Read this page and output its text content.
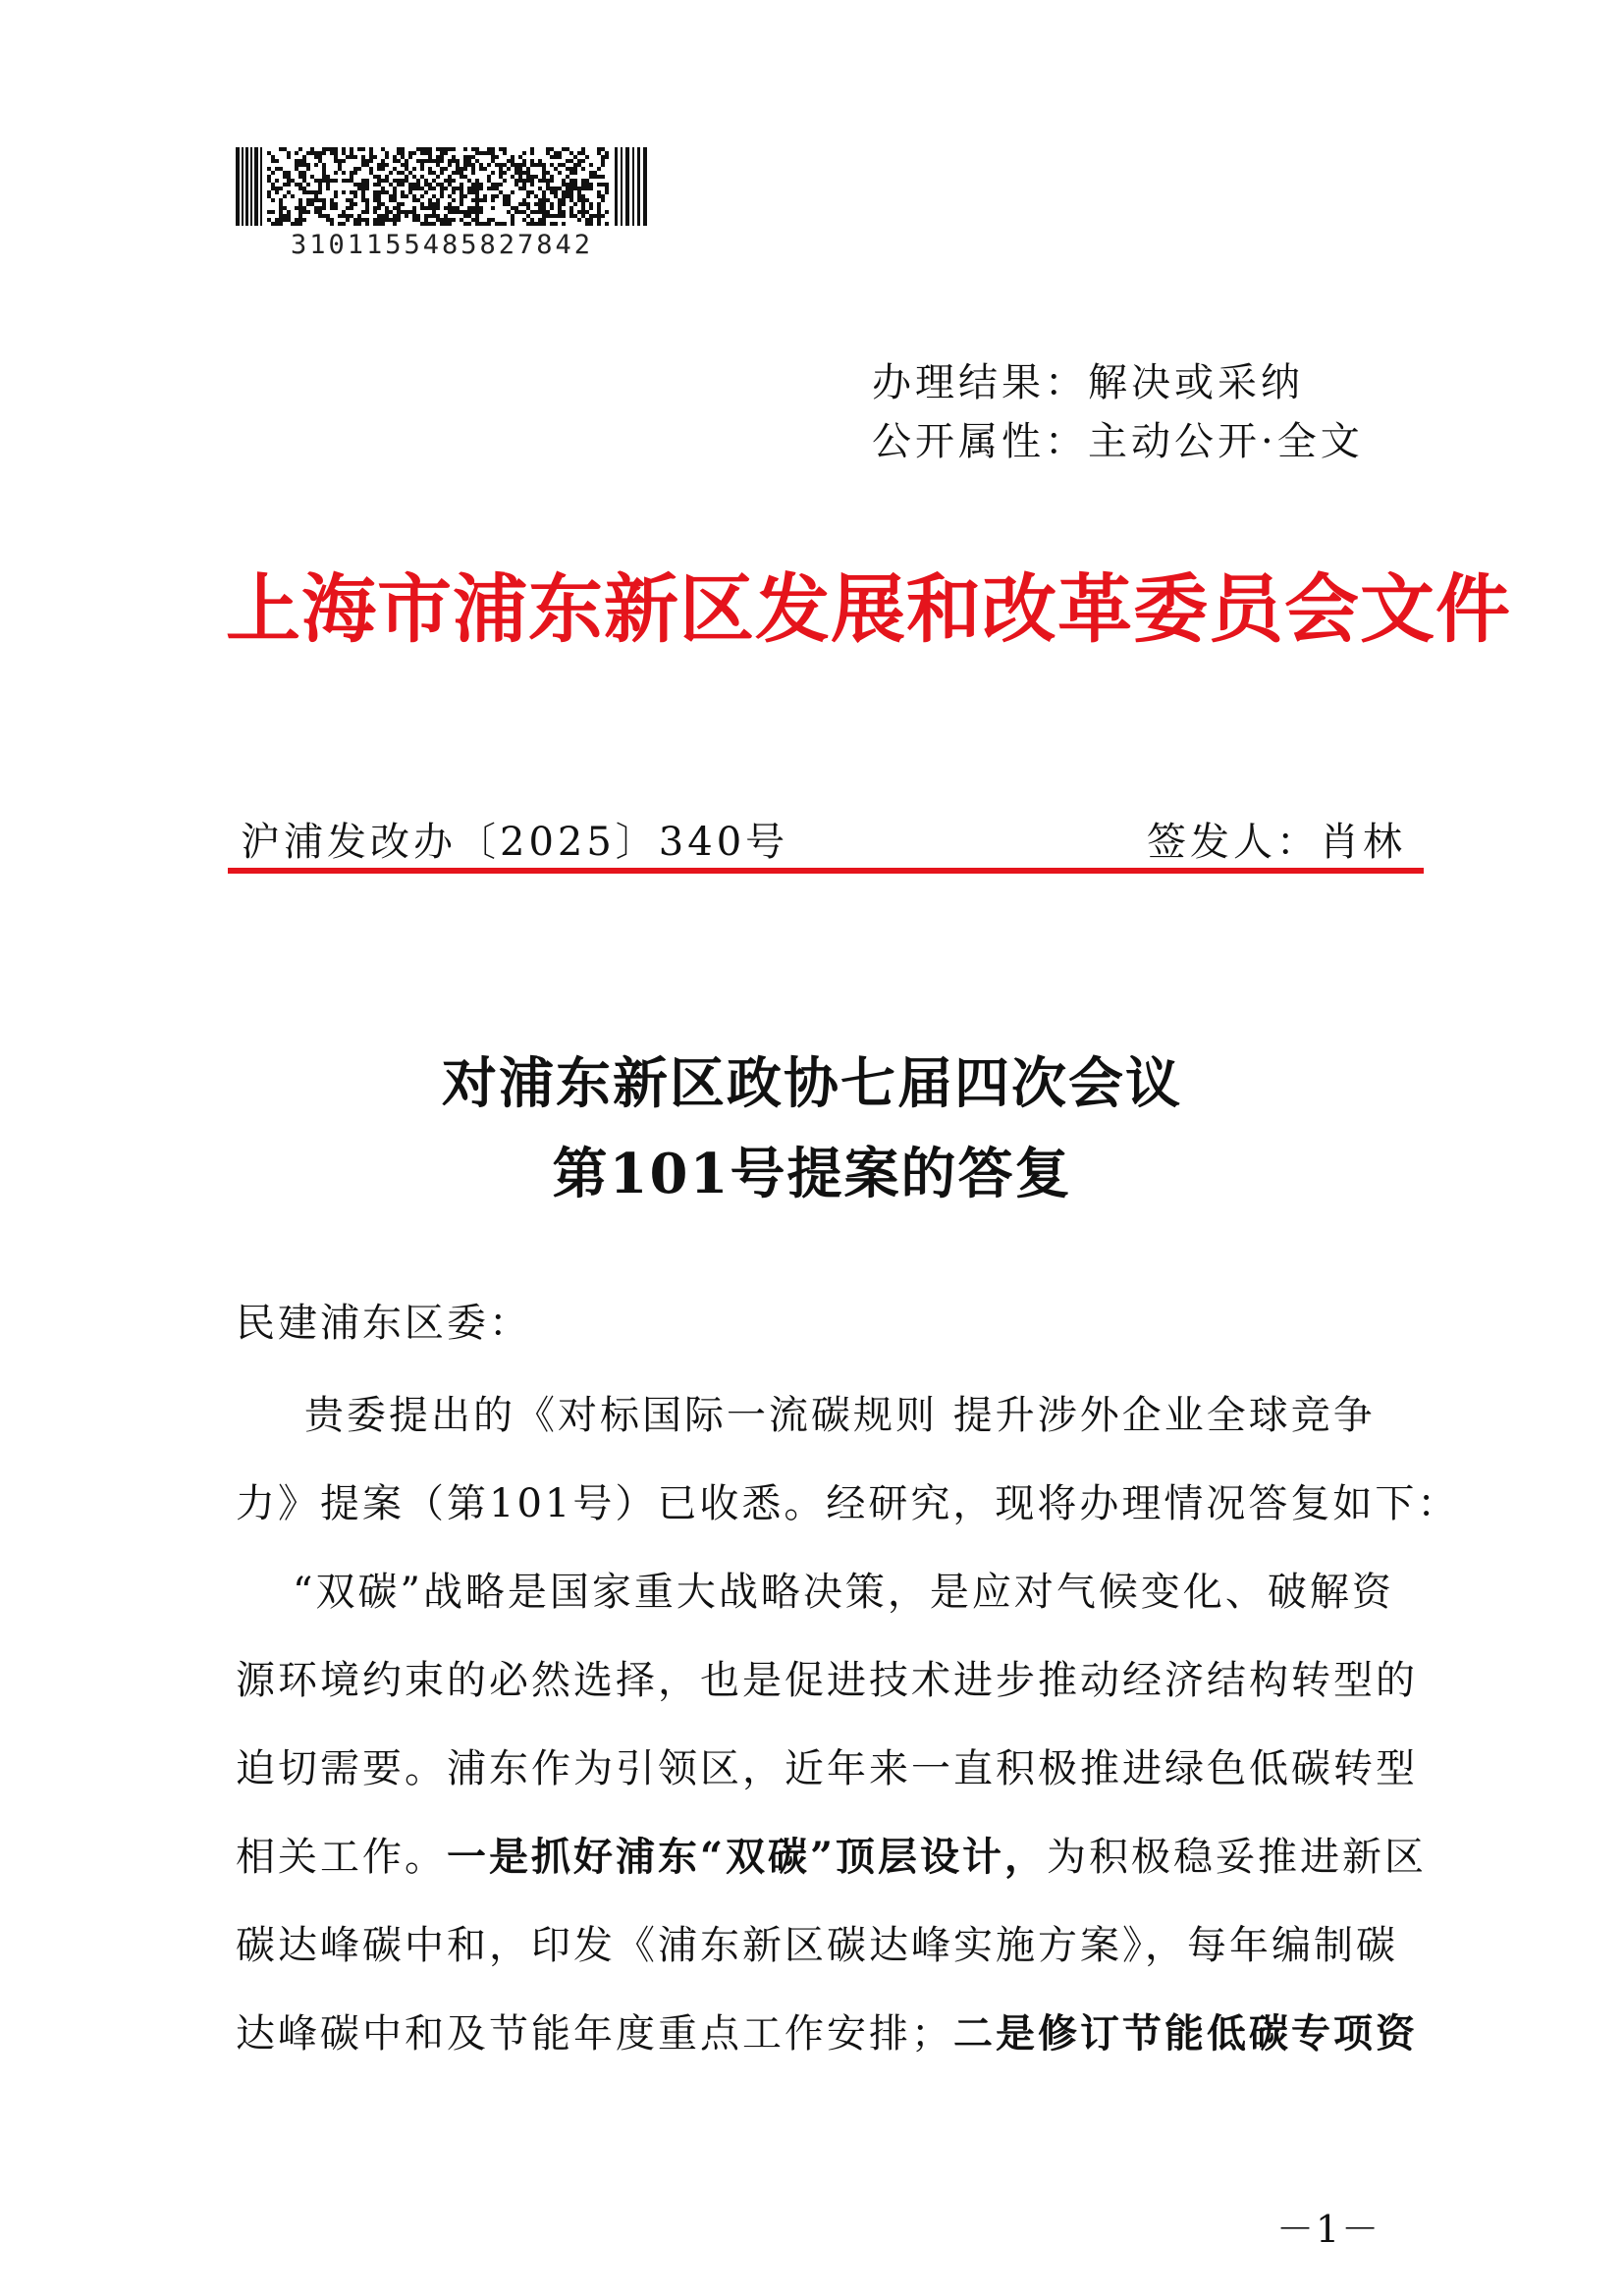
3101155485827842
办理结果：解决或采纳
公开属性：主动公开·全文
上海市浦东新区发展和改革委员会文件
沪浦发改办〔2025〕340号	签发人：肖林
对浦东新区政协七届四次会议
第101号提案的答复
民建浦东区委：
贵委提出的《对标国际一流碳规则 提升涉外企业全球竞争
力》提案（第101号）已收悉。经研究，现将办理情况答复如下：
“双碳”战略是国家重大战略决策，是应对气候变化、破解资
源环境约束的必然选择，也是促进技术进步推动经济结构转型的
迫切需要。浦东作为引领区，近年来一直积极推进绿色低碳转型
相关工作。一是抓好浦东“双碳”顶层设计，为积极稳妥推进新区
碳达峰碳中和，印发《浦东新区碳达峰实施方案》，每年编制碳
达峰碳中和及节能年度重点工作安排；二是修订节能低碳专项资
－1－
